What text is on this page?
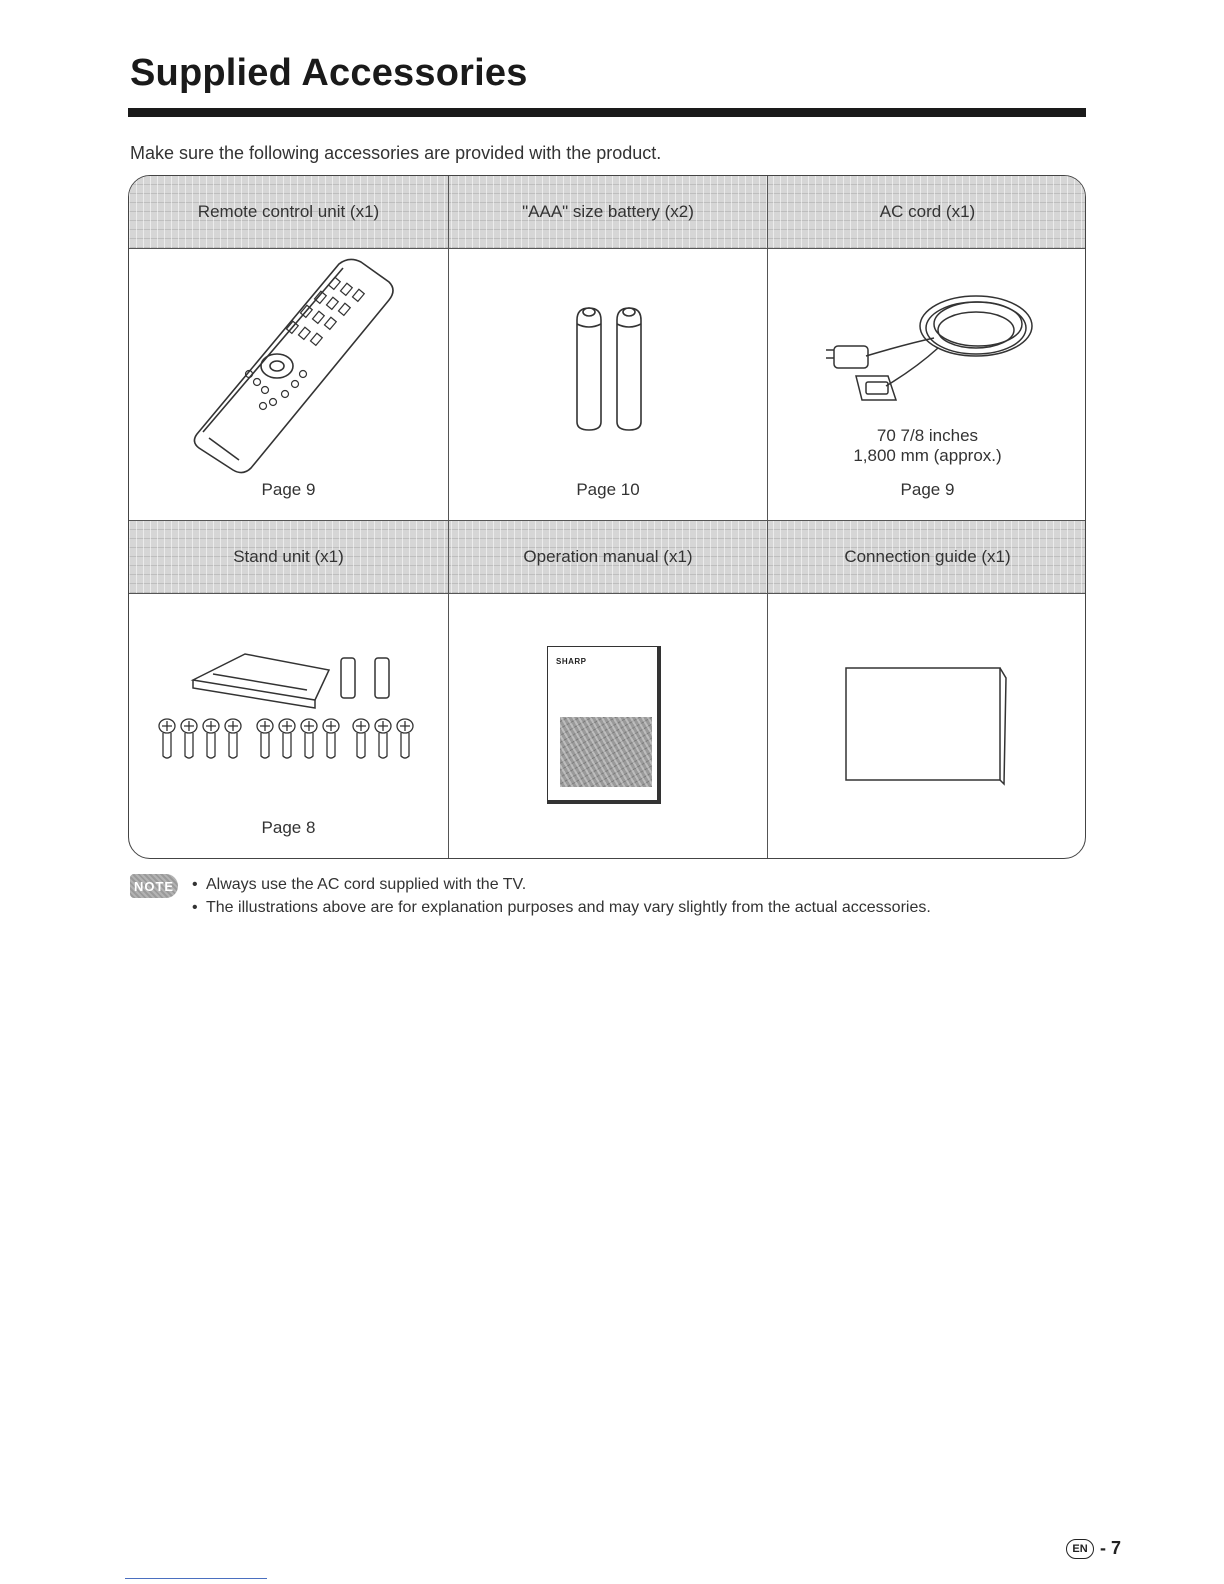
Supplied Accessories

Make sure the following accessories are provided with the product.

Remote control unit (x1)	"AAA" size battery (x2)	AC cord (x1)
Page 9	Page 10
70 7/8 inches
1,800 mm (approx.)
Page 9
Stand unit (x1)	Operation manual (x1)	Connection guide (x1)
Page 8
SHARP
NOTE
• Always use the AC cord supplied with the TV.
• The illustrations above are for explanation purposes and may vary slightly from the actual accessories.
EN - 7
